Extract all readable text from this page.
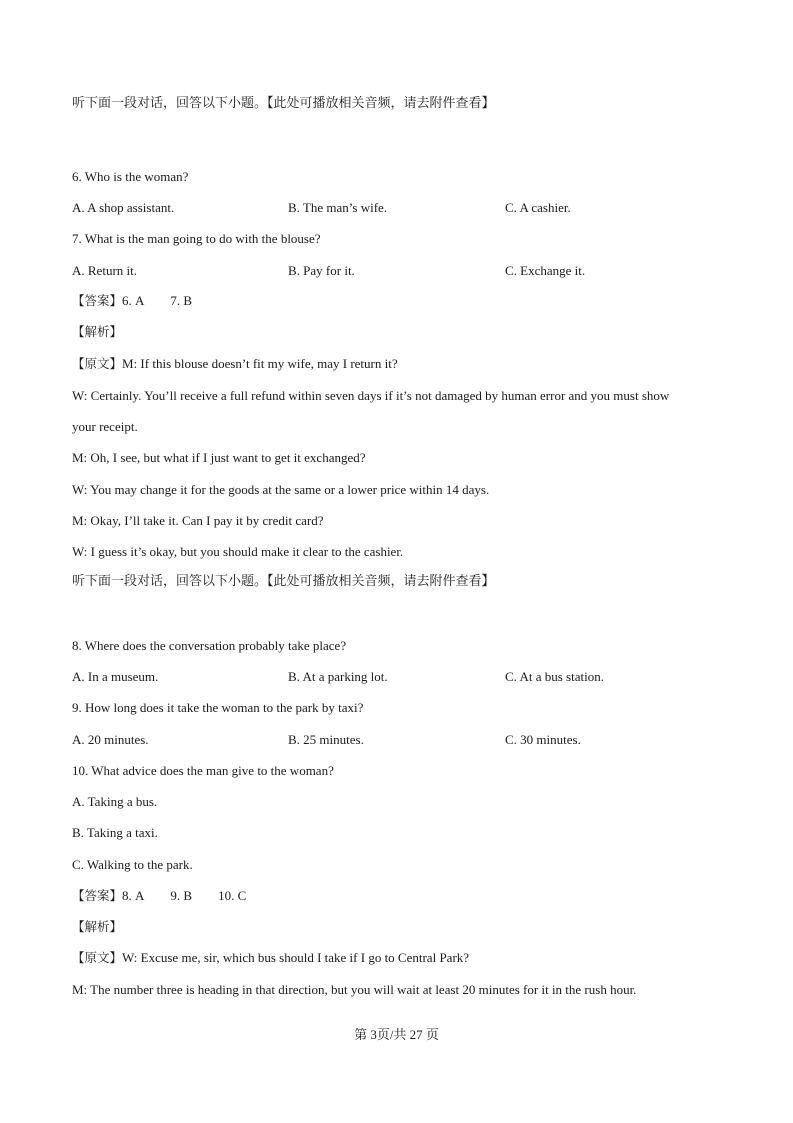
听下面一段对话，回答以下小题。【此处可播放相关音频，请去附件查看】
6. Who is the woman?
A. A shop assistant.	B. The man’s wife.	C. A cashier.
7. What is the man going to do with the blouse?
A. Return it.	B. Pay for it.	C. Exchange it.
【答案】6. A 7. B
【解析】
【原文】M: If this blouse doesn’t fit my wife, may I return it?
W: Certainly. You’ll receive a full refund within seven days if it’s not damaged by human error and you must show
your receipt.
M: Oh, I see, but what if I just want to get it exchanged?
W: You may change it for the goods at the same or a lower price within 14 days.
M: Okay, I’ll take it. Can I pay it by credit card?
W: I guess it’s okay, but you should make it clear to the cashier.
听下面一段对话，回答以下小题。【此处可播放相关音频，请去附件查看】
8. Where does the conversation probably take place?
A. In a museum.	B. At a parking lot.	C. At a bus station.
9. How long does it take the woman to the park by taxi?
A. 20 minutes.	B. 25 minutes.	C. 30 minutes.
10. What advice does the man give to the woman?
A. Taking a bus.
B. Taking a taxi.
C. Walking to the park.
【答案】8. A 9. B 10. C
【解析】
【原文】W: Excuse me, sir, which bus should I take if I go to Central Park?
M: The number three is heading in that direction, but you will wait at least 20 minutes for it in the rush hour.
第 3页/共 27 页
